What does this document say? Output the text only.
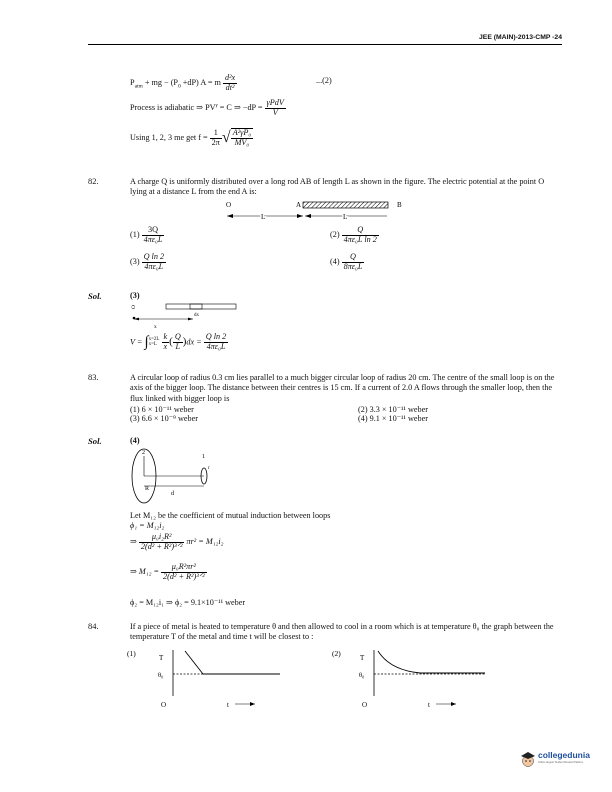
JEE (MAIN)-2013-CMP -24
$P_{atm}$ + mg − $(P_0 +dP) A = m \frac{\text{d²x}}{\text{dt²}}$	...(2)
Process is adiabatic ⇒ $PV^\gamma = C$ ⇒ $-dP = \frac{\text{γPdV}}{V}$
Using 1, 2, 3 me get $f = \frac{1}{2\pi}$ √ $\frac{\text{A²γP₀}}{\text{MV₀}}$
82.	A charge Q is uniformly distributed over a long rod AB of length L as shown in the figure. The electric potential at the point O lying at a distance L from the end A is:
O	A	B
L	L
$(1) \frac{3Q}{\text{4πε₀L}}$	$(2) \frac{Q}{\text{4πε₀L ln 2}}$
$(3) \frac{\text{Q ln 2}}{\text{4πε₀L}}$	$(4) \frac{Q}{\text{8πε₀L}}$
Sol.	(3)
O
x
dx
V = ∫ x=2L
x=L
$\frac{k}{x}$ ( $\frac{Q}{L} )dx = \frac{\text{Q ln 2}}{\text{4πε₀L}}$
83.	A circular loop of radius 0.3 cm lies parallel to a much bigger circular loop of radius 20 cm. The centre of the small loop is on the axis of the bigger loop. The distance between their centres is 15 cm. If a current of 2.0 A flows through the smaller loop, then the flux linked with bigger loop is
(1) 6 × 10⁻¹¹ weber	(2) 3.3 × 10⁻¹¹ weber
(3) 6.6 × 10⁻⁹ weber	(4) 9.1 × 10⁻¹¹ weber
Sol.	(4)
2
1
R
d
r
Let M₁₂ be the coefficient of mutual induction between loops
ϕ₁ = M₁₂i₂
⇒ $\frac{\text{μ₀i₂R²}}{\text{2(d² + R²)³ᐟ²}} \pi r^2 = M_{12}i_2$
⇒ $M_{12} = \frac{\text{μ₀R²πr²}}{\text{2(d² + R²)³ᐟ²}}$
ϕ₂ = M₁₂i₁ ⇒ ϕ₂ = 9.1×10⁻¹¹ weber
84.	If a piece of metal is heated to temperature θ and then allowed to cool in a room which is at temperature θ₀ the graph between the temperature T of the metal and time t will be closest to :
(1)	T
θ₀
O	t
(2)	T
θ₀
O	t
collegedunia
India's largest Student Review Platform
